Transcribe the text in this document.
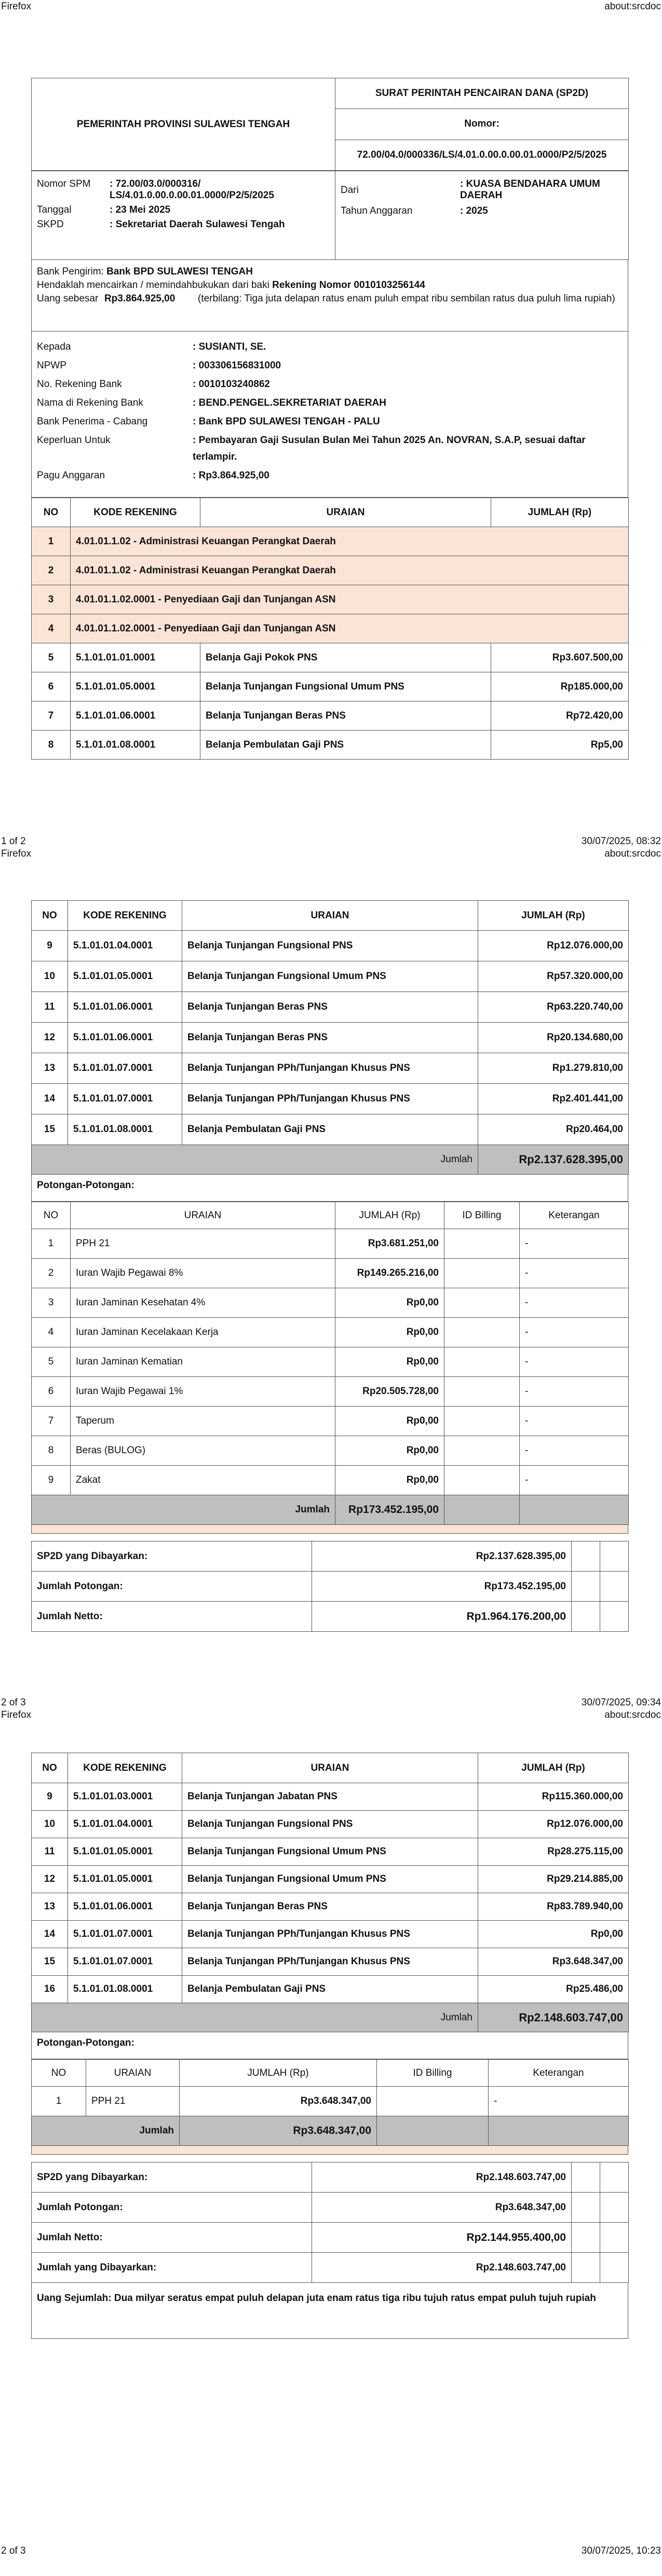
Firefox	about:srcdoc
PEMERINTAH PROVINSI SULAWESI TENGAH	SURAT PERINTAH PENCAIRAN DANA (SP2D)
Nomor:
72.00/04.0/000336/LS/4.01.0.00.0.00.01.0000/P2/5/2025
Nomor SPM	: 72.00/03.0/000316/ LS/4.01.0.00.0.00.01.0000/P2/5/2025
Tanggal	: 23 Mei 2025
SKPD	: Sekretariat Daerah Sulawesi Tengah

Dari
: KUASA BENDAHARA UMUM DAERAH
Tahun Anggaran	: 2025
Bank Pengirim: Bank BPD SULAWESI TENGAH
Hendaklah mencairkan / memindahbukukan dari baki Rekening Nomor 0010103256144
Uang sebesar Rp3.864.925,00	(terbilang: Tiga juta delapan ratus enam puluh empat ribu sembilan ratus dua puluh lima rupiah)
Kepada	: SUSIANTI, SE.
NPWP	: 003306156831000
No. Rekening Bank	: 0010103240862
Nama di Rekening Bank	: BEND.PENGEL.SEKRETARIAT DAERAH
Bank Penerima - Cabang	: Bank BPD SULAWESI TENGAH - PALU
Keperluan Untuk	: Pembayaran Gaji Susulan Bulan Mei Tahun 2025 An. NOVRAN, S.A.P, sesuai daftar terlampir.
Pagu Anggaran	: Rp3.864.925,00
NO	KODE REKENING	URAIAN	JUMLAH (Rp)
1	4.01.01.1.02 - Administrasi Keuangan Perangkat Daerah		
2	4.01.01.1.02 - Administrasi Keuangan Perangkat Daerah		
3	4.01.01.1.02.0001 - Penyediaan Gaji dan Tunjangan ASN		
4	4.01.01.1.02.0001 - Penyediaan Gaji dan Tunjangan ASN		
5	5.1.01.01.01.0001	Belanja Gaji Pokok PNS	Rp3.607.500,00
6	5.1.01.01.05.0001	Belanja Tunjangan Fungsional Umum PNS	Rp185.000,00
7	5.1.01.01.06.0001	Belanja Tunjangan Beras PNS	Rp72.420,00
8	5.1.01.01.08.0001	Belanja Pembulatan Gaji PNS	Rp5,00
1 of 2
Firefox
30/07/2025, 08:32
about:srcdoc
NO	KODE REKENING	URAIAN	JUMLAH (Rp)
9	5.1.01.01.04.0001	Belanja Tunjangan Fungsional PNS	Rp12.076.000,00
10	5.1.01.01.05.0001	Belanja Tunjangan Fungsional Umum PNS	Rp57.320.000,00
11	5.1.01.01.06.0001	Belanja Tunjangan Beras PNS	Rp63.220.740,00
12	5.1.01.01.06.0001	Belanja Tunjangan Beras PNS	Rp20.134.680,00
13	5.1.01.01.07.0001	Belanja Tunjangan PPh/Tunjangan Khusus PNS	Rp1.279.810,00
14	5.1.01.01.07.0001	Belanja Tunjangan PPh/Tunjangan Khusus PNS	Rp2.401.441,00
15	5.1.01.01.08.0001	Belanja Pembulatan Gaji PNS	Rp20.464,00
Jumlah			Rp2.137.628.395,00
Potongan-Potongan:
NO	URAIAN	JUMLAH (Rp)	ID Billing	Keterangan
1	PPH 21	Rp3.681.251,00		-
2	Iuran Wajib Pegawai 8%	Rp149.265.216,00		-
3	Iuran Jaminan Kesehatan 4%	Rp0,00		-
4	Iuran Jaminan Kecelakaan Kerja	Rp0,00		-
5	Iuran Jaminan Kematian	Rp0,00		-
6	Iuran Wajib Pegawai 1%	Rp20.505.728,00		-
7	Taperum	Rp0,00		-
8	Beras (BULOG)	Rp0,00		-
9	Zakat	Rp0,00		-
Jumlah		Rp173.452.195,00		
SP2D yang Dibayarkan:	Rp2.137.628.395,00		
Jumlah Potongan:	Rp173.452.195,00		
Jumlah Netto:	Rp1.964.176.200,00		
2 of 3
Firefox
30/07/2025, 09:34
about:srcdoc
NO	KODE REKENING	URAIAN	JUMLAH (Rp)
9	5.1.01.01.03.0001	Belanja Tunjangan Jabatan PNS	Rp115.360.000,00
10	5.1.01.01.04.0001	Belanja Tunjangan Fungsional PNS	Rp12.076.000,00
11	5.1.01.01.05.0001	Belanja Tunjangan Fungsional Umum PNS	Rp28.275.115,00
12	5.1.01.01.05.0001	Belanja Tunjangan Fungsional Umum PNS	Rp29.214.885,00
13	5.1.01.01.06.0001	Belanja Tunjangan Beras PNS	Rp83.789.940,00
14	5.1.01.01.07.0001	Belanja Tunjangan PPh/Tunjangan Khusus PNS	Rp0,00
15	5.1.01.01.07.0001	Belanja Tunjangan PPh/Tunjangan Khusus PNS	Rp3.648.347,00
16	5.1.01.01.08.0001	Belanja Pembulatan Gaji PNS	Rp25.486,00
Jumlah			Rp2.148.603.747,00
Potongan-Potongan:
NO	URAIAN	JUMLAH (Rp)	ID Billing	Keterangan
1	PPH 21	Rp3.648.347,00		-
Jumlah		Rp3.648.347,00		
SP2D yang Dibayarkan:	Rp2.148.603.747,00		
Jumlah Potongan:	Rp3.648.347,00		
Jumlah Netto:	Rp2.144.955.400,00		
Jumlah yang Dibayarkan:	Rp2.148.603.747,00		
Uang Sejumlah: Dua milyar seratus empat puluh delapan juta enam ratus tiga ribu tujuh ratus empat puluh tujuh rupiah
2 of 3	30/07/2025, 10:23
